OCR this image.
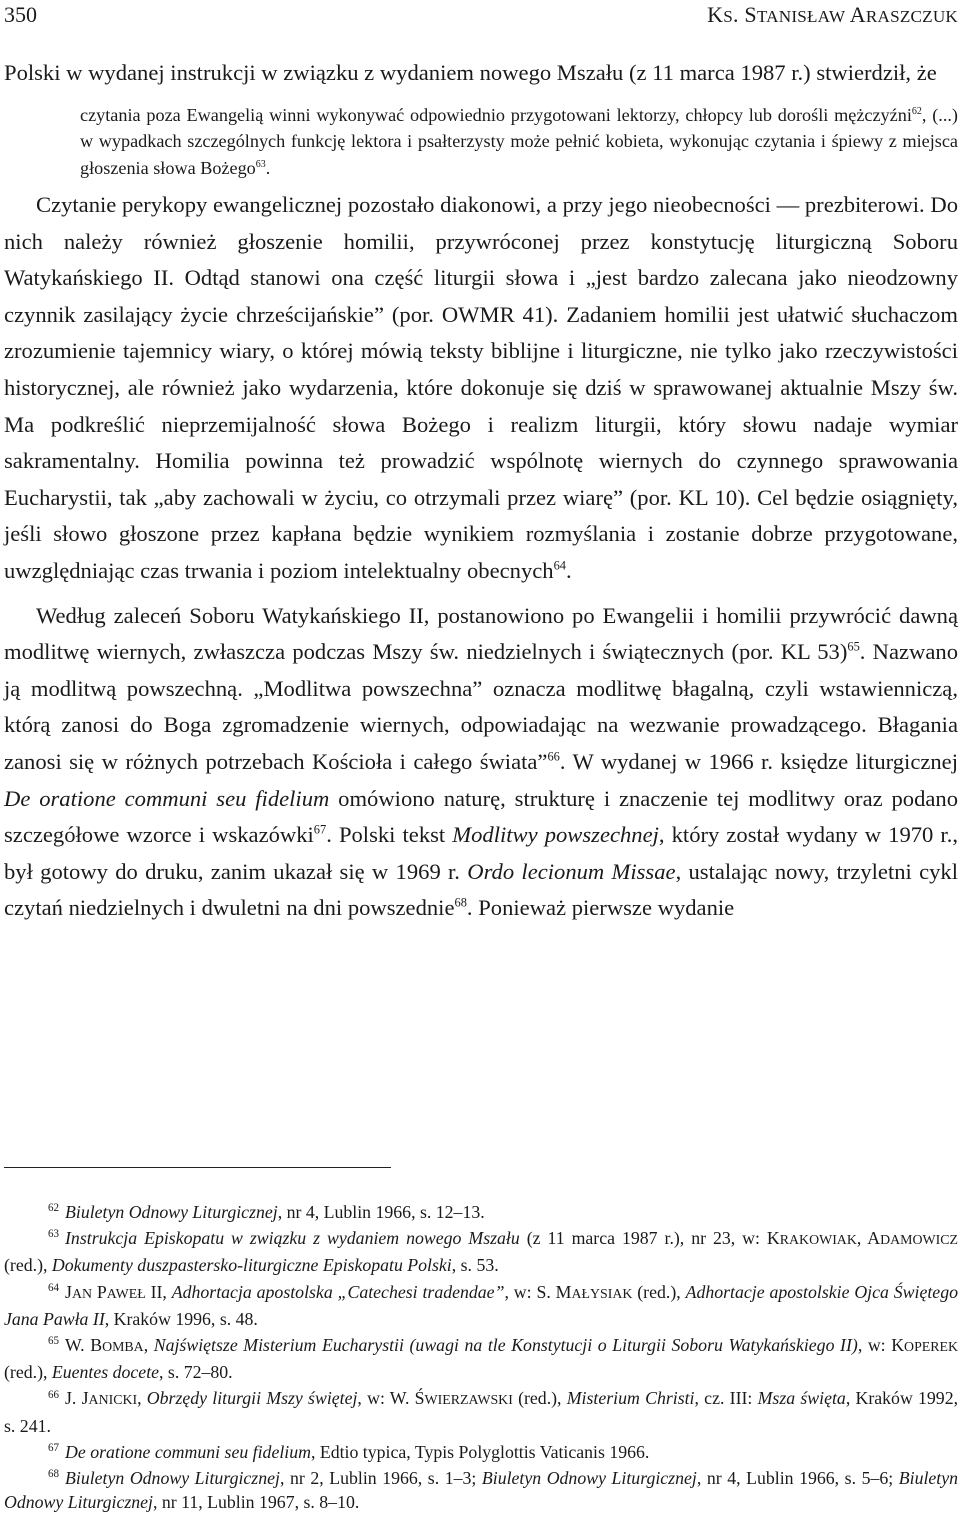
350	KS. STANISŁAW ARASZCZUK

Polski w wydanej instrukcji w związku z wydaniem nowego Mszału (z 11 marca 1987 r.) stwierdził, że

czytania poza Ewangelią winni wykonywać odpowiednio przygotowani lektorzy, chłopcy lub dorośli mężczyźni$^{62}$, (...) w wypadkach szczególnych funkcję lektora i psałterzysty może pełnić kobieta, wykonując czytania i śpiewy z miejsca głoszenia słowa Bożego$^{63}$.

Czytanie perykopy ewangelicznej pozostało diakonowi, a przy jego nieobecności — prezbiterowi. Do nich należy również głoszenie homilii, przywróconej przez konstytucję liturgiczną Soboru Watykańskiego II. Odtąd stanowi ona część liturgii słowa i „jest bardzo zalecana jako nieodzowny czynnik zasilający życie chrześcijańskie” (por. OWMR 41). Zadaniem homilii jest ułatwić słuchaczom zrozumienie tajemnicy wiary, o której mówią teksty biblijne i liturgiczne, nie tylko jako rzeczywistości historycznej, ale również jako wydarzenia, które dokonuje się dziś w sprawowanej aktualnie Mszy św. Ma podkreślić nieprzemijalność słowa Bożego i realizm liturgii, który słowu nadaje wymiar sakramentalny. Homilia powinna też prowadzić wspólnotę wiernych do czynnego sprawowania Eucharystii, tak „aby zachowali w życiu, co otrzymali przez wiarę” (por. KL 10). Cel będzie osiągnięty, jeśli słowo głoszone przez kapłana będzie wynikiem rozmyślania i zostanie dobrze przygotowane, uwzględniając czas trwania i poziom intelektualny obecnych$^{64}$.

Według zaleceń Soboru Watykańskiego II, postanowiono po Ewangelii i homilii przywrócić dawną modlitwę wiernych, zwłaszcza podczas Mszy św. niedzielnych i świątecznych (por. KL 53)$^{65}$. Nazwano ją modlitwą powszechną. „Modlitwa powszechna” oznacza modlitwę błagalną, czyli wstawienniczą, którą zanosi do Boga zgromadzenie wiernych, odpowiadając na wezwanie prowadzącego. Błagania zanosi się w różnych potrzebach Kościoła i całego świata”$^{66}$. W wydanej w 1966 r. księdze liturgicznej De oratione communi seu fidelium omówiono naturę, strukturę i znaczenie tej modlitwy oraz podano szczegółowe wzorce i wskazówki$^{67}$. Polski tekst Modlitwy powszechnej, który został wydany w 1970 r., był gotowy do druku, zanim ukazał się w 1969 r. Ordo lecionum Missae, ustalając nowy, trzyletni cykl czytań niedzielnych i dwuletni na dni powszednie$^{68}$. Ponieważ pierwsze wydanie

$^{62}$ Biuletyn Odnowy Liturgicznej, nr 4, Lublin 1966, s. 12–13.

$^{63}$ Instrukcja Episkopatu w związku z wydaniem nowego Mszału (z 11 marca 1987 r.), nr 23, w: KRAKOWIAK, ADAMOWICZ (red.), Dokumenty duszpastersko-liturgiczne Episkopatu Polski, s. 53.

$^{64}$ JAN PAWEŁ II, Adhortacja apostolska „Catechesi tradendae”, w: S. MAŁYSIAK (red.), Adhortacje apostolskie Ojca Świętego Jana Pawła II, Kraków 1996, s. 48.

$^{65}$ W. BOMBA, Najświętsze Misterium Eucharystii (uwagi na tle Konstytucji o Liturgii Soboru Watykańskiego II), w: KOPEREK (red.), Euentes docete, s. 72–80.

$^{66}$ J. JANICKI, Obrzędy liturgii Mszy świętej, w: W. ŚWIERZAWSKI (red.), Misterium Christi, cz. III: Msza święta, Kraków 1992, s. 241.

$^{67}$ De oratione communi seu fidelium, Edtio typica, Typis Polyglottis Vaticanis 1966.

$^{68}$ Biuletyn Odnowy Liturgicznej, nr 2, Lublin 1966, s. 1–3; Biuletyn Odnowy Liturgicznej, nr 4, Lublin 1966, s. 5–6; Biuletyn Odnowy Liturgicznej, nr 11, Lublin 1967, s. 8–10.
